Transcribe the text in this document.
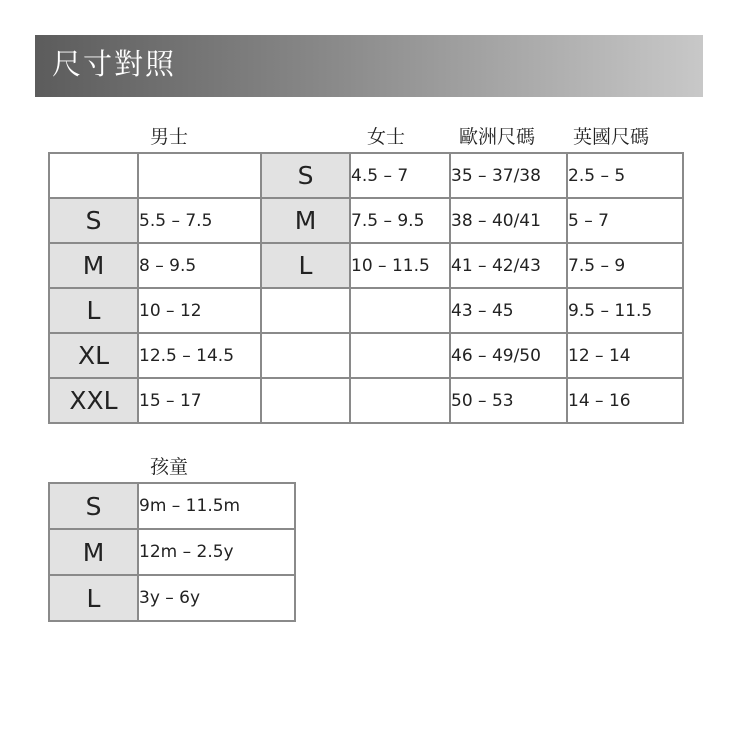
尺寸對照
男士	女士	歐洲尺碼 英國尺碼
		S	4.5 – 7	35 – 37/38	2.5 – 5
S	5.5 – 7.5	M	7.5 – 9.5	38 – 40/41	5 – 7
M	8 – 9.5	L	10 – 11.5	41 – 42/43	7.5 – 9
L	10 – 12			43 – 45	9.5 – 11.5
XL	12.5 – 14.5			46 – 49/50	12 – 14
XXL	15 – 17			50 – 53	14 – 16
孩童
S	9m – 11.5m
M	12m – 2.5y
L	3y – 6y
